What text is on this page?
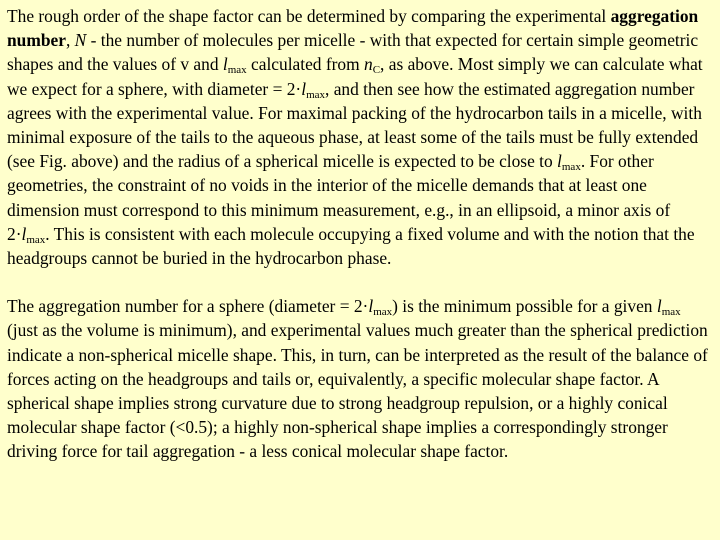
The rough order of the shape factor can be determined by comparing the experimental aggregation number, N - the number of molecules per micelle - with that expected for certain simple geometric shapes and the values of v and $l_{max}$ calculated from $n_C$, as above. Most simply we can calculate what we expect for a sphere, with diameter = $2\cdot l_{max}$, and then see how the estimated aggregation number agrees with the experimental value. For maximal packing of the hydrocarbon tails in a micelle, with minimal exposure of the tails to the aqueous phase, at least some of the tails must be fully extended (see Fig. above) and the radius of a spherical micelle is expected to be close to $l_{max}$. For other geometries, the constraint of no voids in the interior of the micelle demands that at least one dimension must correspond to this minimum measurement, e.g., in an ellipsoid, a minor axis of $2\cdot l_{max}$. This is consistent with each molecule occupying a fixed volume and with the notion that the headgroups cannot be buried in the hydrocarbon phase.

The aggregation number for a sphere (diameter = $2\cdot l_{max}$) is the minimum possible for a given $l_{max}$ (just as the volume is minimum), and experimental values much greater than the spherical prediction indicate a non-spherical micelle shape. This, in turn, can be interpreted as the result of the balance of forces acting on the headgroups and tails or, equivalently, a specific molecular shape factor. A spherical shape implies strong curvature due to strong headgroup repulsion, or a highly conical molecular shape factor (<0.5); a highly non-spherical shape implies a correspondingly stronger driving force for tail aggregation - a less conical molecular shape factor.
